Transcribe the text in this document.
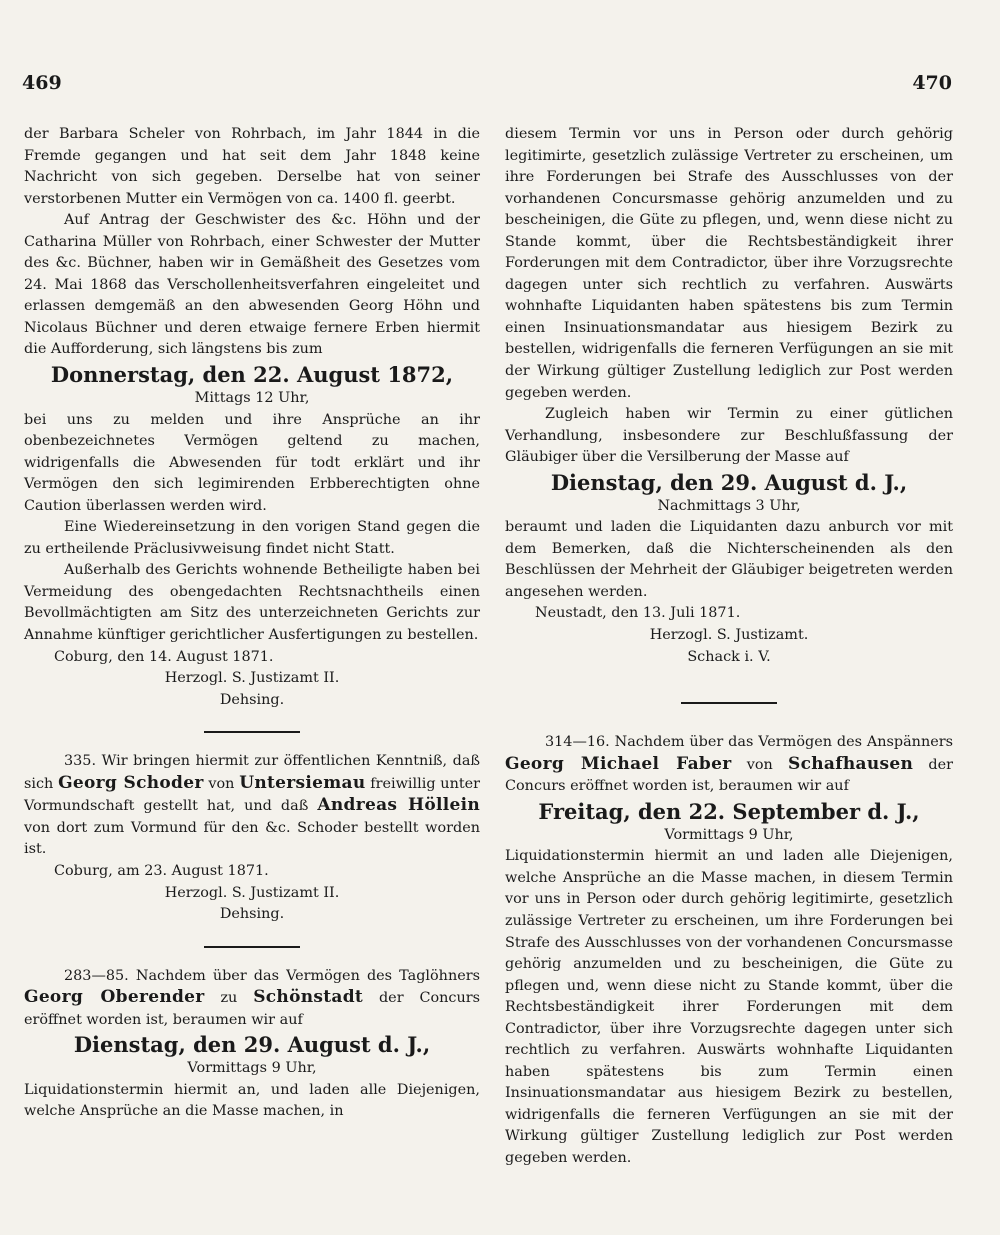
469	470

der Barbara Scheler von Rohrbach, im Jahr 1844 in die Fremde gegangen und hat seit dem Jahr 1848 keine Nachricht von sich gegeben. Derselbe hat von seiner verstorbenen Mutter ein Vermögen von ca. 1400 fl. geerbt.

Auf Antrag der Geschwister des &c. Höhn und der Catharina Müller von Rohrbach, einer Schwester der Mutter des &c. Büchner, haben wir in Gemäßheit des Gesetzes vom 24. Mai 1868 das Verschollenheitsverfahren eingeleitet und erlassen demgemäß an den abwesenden Georg Höhn und Nicolaus Büchner und deren etwaige fernere Erben hiermit die Aufforderung, sich längstens bis zum

Donnerstag, den 22. August 1872,

Mittags 12 Uhr,

bei uns zu melden und ihre Ansprüche an ihr obenbezeichnetes Vermögen geltend zu machen, widrigenfalls die Abwesenden für todt erklärt und ihr Vermögen den sich legimirenden Erbberechtigten ohne Caution überlassen werden wird.

Eine Wiedereinsetzung in den vorigen Stand gegen die zu ertheilende Präclusivweisung findet nicht Statt.

Außerhalb des Gerichts wohnende Betheiligte haben bei Vermeidung des obengedachten Rechtsnachtheils einen Bevollmächtigten am Sitz des unterzeichneten Gerichts zur Annahme künftiger gerichtlicher Ausfertigungen zu bestellen.

Coburg, den 14. August 1871.

Herzogl. S. Justizamt II.

Dehsing.

335. Wir bringen hiermit zur öffentlichen Kenntniß, daß sich Georg Schoder von Untersiemau freiwillig unter Vormundschaft gestellt hat, und daß Andreas Höllein von dort zum Vormund für den &c. Schoder bestellt worden ist.

Coburg, am 23. August 1871.

Herzogl. S. Justizamt II.

Dehsing.

283—85. Nachdem über das Vermögen des Taglöhners Georg Oberender zu Schönstadt der Concurs eröffnet worden ist, beraumen wir auf

Dienstag, den 29. August d. J.,

Vormittags 9 Uhr,

Liquidationstermin hiermit an, und laden alle Diejenigen, welche Ansprüche an die Masse machen, in

diesem Termin vor uns in Person oder durch gehörig legitimirte, gesetzlich zulässige Vertreter zu erscheinen, um ihre Forderungen bei Strafe des Ausschlusses von der vorhandenen Concursmasse gehörig anzumelden und zu bescheinigen, die Güte zu pflegen, und, wenn diese nicht zu Stande kommt, über die Rechtsbeständigkeit ihrer Forderungen mit dem Contradictor, über ihre Vorzugsrechte dagegen unter sich rechtlich zu verfahren. Auswärts wohnhafte Liquidanten haben spätestens bis zum Termin einen Insinuationsmandatar aus hiesigem Bezirk zu bestellen, widrigenfalls die ferneren Verfügungen an sie mit der Wirkung gültiger Zustellung lediglich zur Post werden gegeben werden.

Zugleich haben wir Termin zu einer gütlichen Verhandlung, insbesondere zur Beschlußfassung der Gläubiger über die Versilberung der Masse auf

Dienstag, den 29. August d. J.,

Nachmittags 3 Uhr,

beraumt und laden die Liquidanten dazu anburch vor mit dem Bemerken, daß die Nichterscheinenden als den Beschlüssen der Mehrheit der Gläubiger beigetreten werden angesehen werden.

Neustadt, den 13. Juli 1871.

Herzogl. S. Justizamt.

Schack i. V.

314—16. Nachdem über das Vermögen des Anspänners Georg Michael Faber von Schafhausen der Concurs eröffnet worden ist, beraumen wir auf

Freitag, den 22. September d. J.,

Vormittags 9 Uhr,

Liquidationstermin hiermit an und laden alle Diejenigen, welche Ansprüche an die Masse machen, in diesem Termin vor uns in Person oder durch gehörig legitimirte, gesetzlich zulässige Vertreter zu erscheinen, um ihre Forderungen bei Strafe des Ausschlusses von der vorhandenen Concursmasse gehörig anzumelden und zu bescheinigen, die Güte zu pflegen und, wenn diese nicht zu Stande kommt, über die Rechtsbeständigkeit ihrer Forderungen mit dem Contradictor, über ihre Vorzugsrechte dagegen unter sich rechtlich zu verfahren. Auswärts wohnhafte Liquidanten haben spätestens bis zum Termin einen Insinuationsmandatar aus hiesigem Bezirk zu bestellen, widrigenfalls die ferneren Verfügungen an sie mit der Wirkung gültiger Zustellung lediglich zur Post werden gegeben werden.
